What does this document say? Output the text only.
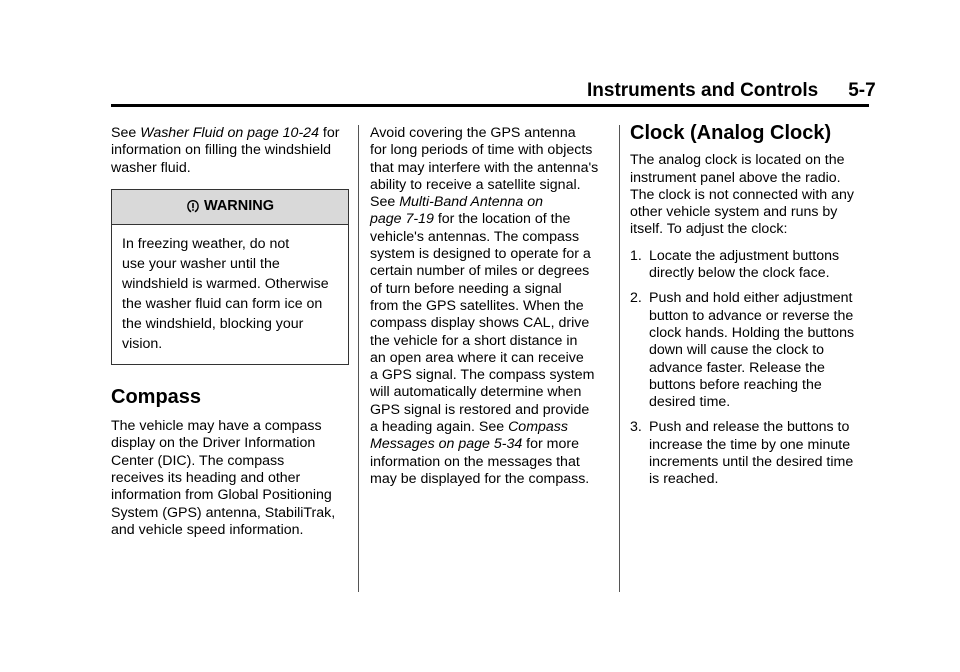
Instruments and Controls 5-7

See Washer Fluid on page 10-24 for
information on filling the windshield
washer fluid.

WARNING
In freezing weather, do not
use your washer until the
windshield is warmed. Otherwise
the washer fluid can form ice on
the windshield, blocking your
vision.
Compass

The vehicle may have a compass
display on the Driver Information
Center (DIC). The compass
receives its heading and other
information from Global Positioning
System (GPS) antenna, StabiliTrak,
and vehicle speed information.

Avoid covering the GPS antenna
for long periods of time with objects
that may interfere with the antenna's
ability to receive a satellite signal.
See Multi-Band Antenna on
page 7-19 for the location of the
vehicle's antennas. The compass
system is designed to operate for a
certain number of miles or degrees
of turn before needing a signal
from the GPS satellites. When the
compass display shows CAL, drive
the vehicle for a short distance in
an open area where it can receive
a GPS signal. The compass system
will automatically determine when
GPS signal is restored and provide
a heading again. See Compass
Messages on page 5-34 for more
information on the messages that
may be displayed for the compass.

Clock (Analog Clock)

The analog clock is located on the
instrument panel above the radio.
The clock is not connected with any
other vehicle system and runs by
itself. To adjust the clock:

1. Locate the adjustment buttons
directly below the clock face.
2. Push and hold either adjustment
button to advance or reverse the
clock hands. Holding the buttons
down will cause the clock to
advance faster. Release the
buttons before reaching the
desired time.
3. Push and release the buttons to
increase the time by one minute
increments until the desired time
is reached.
